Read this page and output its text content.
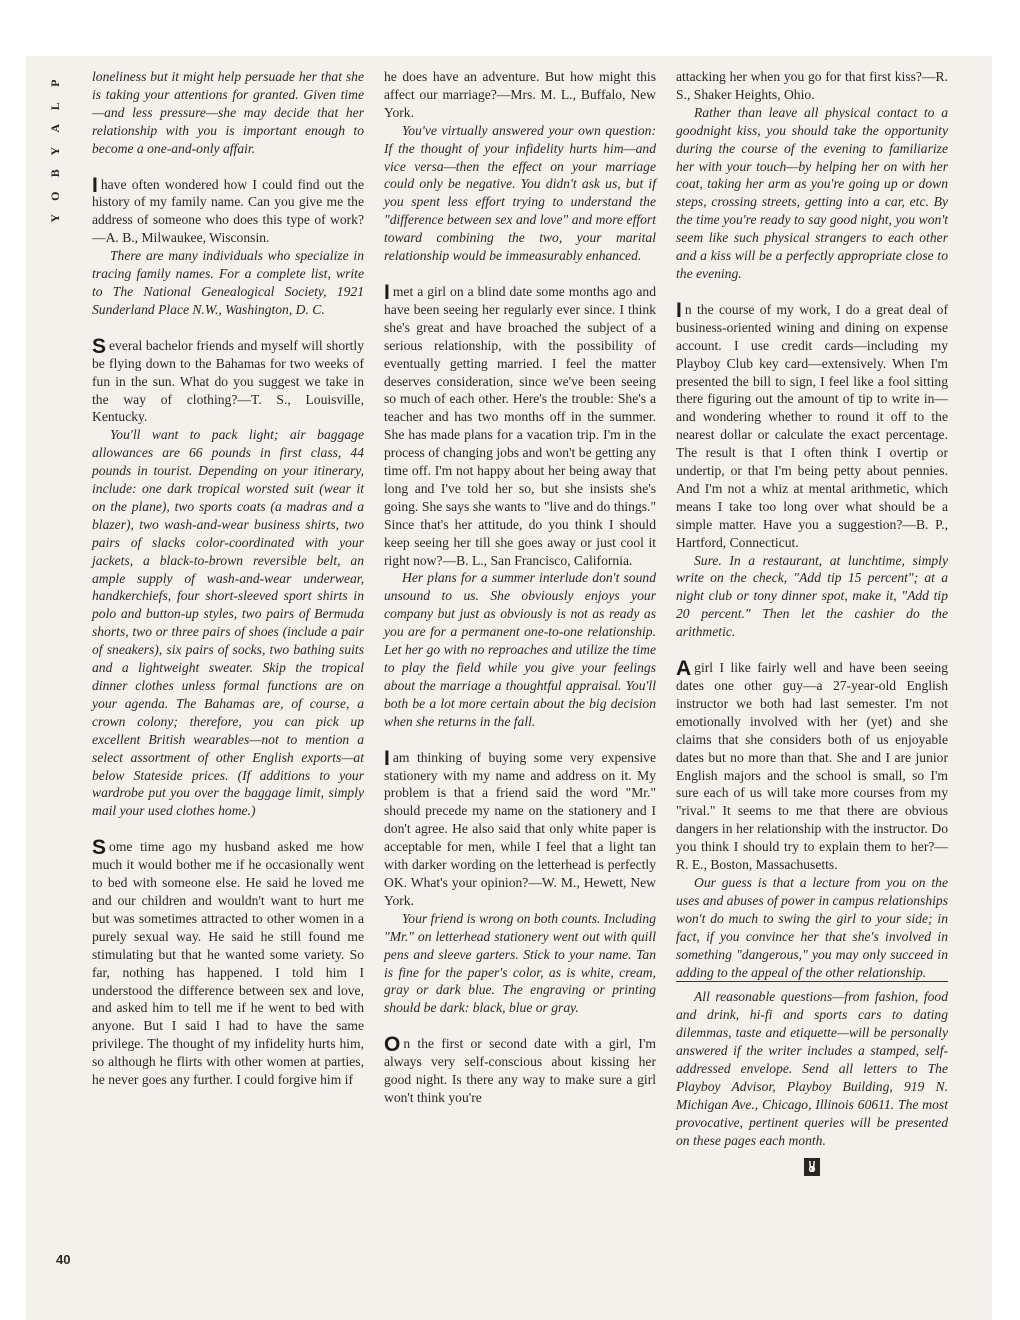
P
L
A
Y
B
O
Y
40

loneliness but it might help persuade her that she is taking your attentions for granted. Given time—and less pressure—she may decide that her relationship with you is important enough to become a one-and-only affair.

Ihave often wondered how I could find out the history of my family name. Can you give me the address of someone who does this type of work?—A. B., Milwaukee, Wisconsin.

There are many individuals who specialize in tracing family names. For a complete list, write to The National Genealogical Society, 1921 Sunderland Place N.W., Washington, D. C.

Several bachelor friends and myself will shortly be flying down to the Bahamas for two weeks of fun in the sun. What do you suggest we take in the way of clothing?—T. S., Louisville, Kentucky.

You'll want to pack light; air baggage allowances are 66 pounds in first class, 44 pounds in tourist. Depending on your itinerary, include: one dark tropical worsted suit (wear it on the plane), two sports coats (a madras and a blazer), two wash-and-wear business shirts, two pairs of slacks color-coordinated with your jackets, a black-to-brown reversible belt, an ample supply of wash-and-wear underwear, handkerchiefs, four short-sleeved sport shirts in polo and button-up styles, two pairs of Bermuda shorts, two or three pairs of shoes (include a pair of sneakers), six pairs of socks, two bathing suits and a lightweight sweater. Skip the tropical dinner clothes unless formal functions are on your agenda. The Bahamas are, of course, a crown colony; therefore, you can pick up excellent British wearables—not to mention a select assortment of other English exports—at below Stateside prices. (If additions to your wardrobe put you over the baggage limit, simply mail your used clothes home.)

Some time ago my husband asked me how much it would bother me if he occasionally went to bed with someone else. He said he loved me and our children and wouldn't want to hurt me but was sometimes attracted to other women in a purely sexual way. He said he still found me stimulating but that he wanted some variety. So far, nothing has happened. I told him I understood the difference between sex and love, and asked him to tell me if he went to bed with anyone. But I said I had to have the same privilege. The thought of my infidelity hurts him, so although he flirts with other women at parties, he never goes any further. I could forgive him if

he does have an adventure. But how might this affect our marriage?—Mrs. M. L., Buffalo, New York.

You've virtually answered your own question: If the thought of your infidelity hurts him—and vice versa—then the effect on your marriage could only be negative. You didn't ask us, but if you spent less effort trying to understand the "difference between sex and love" and more effort toward combining the two, your marital relationship would be immeasurably enhanced.

Imet a girl on a blind date some months ago and have been seeing her regularly ever since. I think she's great and have broached the subject of a serious relationship, with the possibility of eventually getting married. I feel the matter deserves consideration, since we've been seeing so much of each other. Here's the trouble: She's a teacher and has two months off in the summer. She has made plans for a vacation trip. I'm in the process of changing jobs and won't be getting any time off. I'm not happy about her being away that long and I've told her so, but she insists she's going. She says she wants to "live and do things." Since that's her attitude, do you think I should keep seeing her till she goes away or just cool it right now?—B. L., San Francisco, California.

Her plans for a summer interlude don't sound unsound to us. She obviously enjoys your company but just as obviously is not as ready as you are for a permanent one-to-one relationship. Let her go with no reproaches and utilize the time to play the field while you give your feelings about the marriage a thoughtful appraisal. You'll both be a lot more certain about the big decision when she returns in the fall.

Iam thinking of buying some very expensive stationery with my name and address on it. My problem is that a friend said the word "Mr." should precede my name on the stationery and I don't agree. He also said that only white paper is acceptable for men, while I feel that a light tan with darker wording on the letterhead is perfectly OK. What's your opinion?—W. M., Hewett, New York.

Your friend is wrong on both counts. Including "Mr." on letterhead stationery went out with quill pens and sleeve garters. Stick to your name. Tan is fine for the paper's color, as is white, cream, gray or dark blue. The engraving or printing should be dark: black, blue or gray.

On the first or second date with a girl, I'm always very self-conscious about kissing her good night. Is there any way to make sure a girl won't think you're

attacking her when you go for that first kiss?—R. S., Shaker Heights, Ohio.

Rather than leave all physical contact to a goodnight kiss, you should take the opportunity during the course of the evening to familiarize her with your touch—by helping her on with her coat, taking her arm as you're going up or down steps, crossing streets, getting into a car, etc. By the time you're ready to say good night, you won't seem like such physical strangers to each other and a kiss will be a perfectly appropriate close to the evening.

In the course of my work, I do a great deal of business-oriented wining and dining on expense account. I use credit cards—including my Playboy Club key card—extensively. When I'm presented the bill to sign, I feel like a fool sitting there figuring out the amount of tip to write in—and wondering whether to round it off to the nearest dollar or calculate the exact percentage. The result is that I often think I overtip or undertip, or that I'm being petty about pennies. And I'm not a whiz at mental arithmetic, which means I take too long over what should be a simple matter. Have you a suggestion?—B. P., Hartford, Connecticut.

Sure. In a restaurant, at lunchtime, simply write on the check, "Add tip 15 percent"; at a night club or tony dinner spot, make it, "Add tip 20 percent." Then let the cashier do the arithmetic.

Agirl I like fairly well and have been seeing dates one other guy—a 27-year-old English instructor we both had last semester. I'm not emotionally involved with her (yet) and she claims that she considers both of us enjoyable dates but no more than that. She and I are junior English majors and the school is small, so I'm sure each of us will take more courses from my "rival." It seems to me that there are obvious dangers in her relationship with the instructor. Do you think I should try to explain them to her?—R. E., Boston, Massachusetts.

Our guess is that a lecture from you on the uses and abuses of power in campus relationships won't do much to swing the girl to your side; in fact, if you convince her that she's involved in something "dangerous," you may only succeed in adding to the appeal of the other relationship.

All reasonable questions—from fashion, food and drink, hi-fi and sports cars to dating dilemmas, taste and etiquette—will be personally answered if the writer includes a stamped, self-addressed envelope. Send all letters to The Playboy Advisor, Playboy Building, 919 N. Michigan Ave., Chicago, Illinois 60611. The most provocative, pertinent queries will be presented on these pages each month.
